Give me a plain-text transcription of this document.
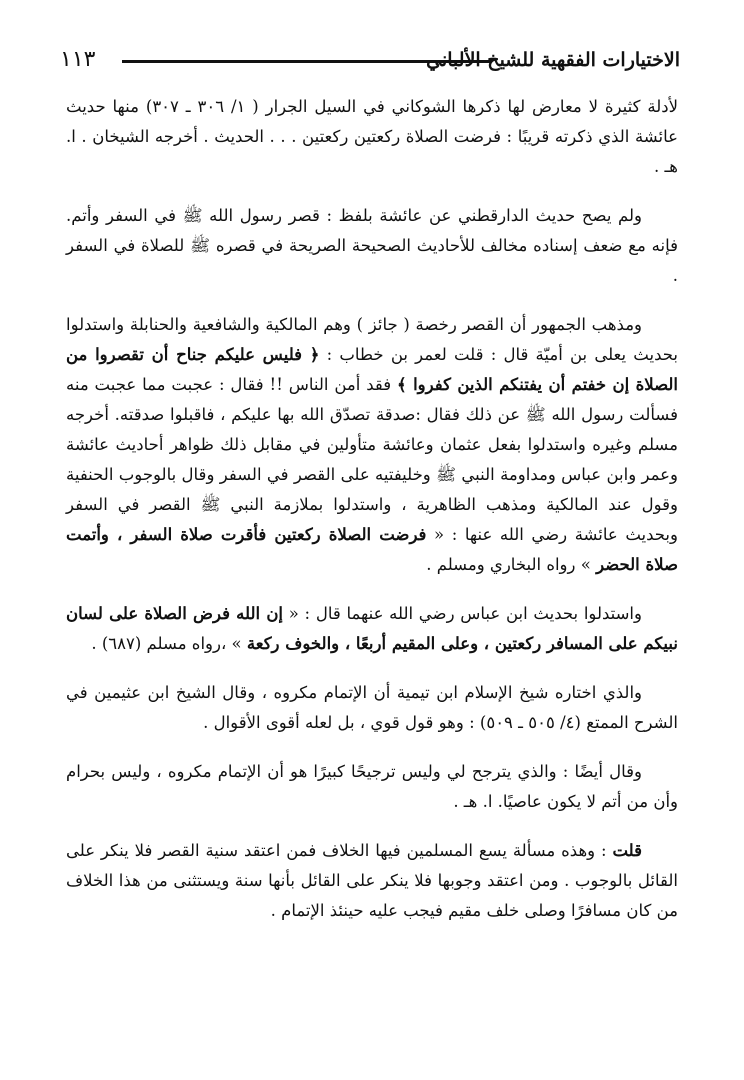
١١٣	الاختيارات الفقهية للشيخ الألباني

لأدلة كثيرة لا معارض لها ذكرها الشوكاني في السيل الجرار ( ١/ ٣٠٦ ـ ٣٠٧) منها حديث عائشة الذي ذكرته قريبًا : فرضت الصلاة ركعتين ركعتين . . . الحديث . أخرجه الشيخان . ا. هـ .

ولم يصح حديث الدارقطني عن عائشة بلفظ : قصر رسول الله ﷺ في السفر وأتم. فإنه مع ضعف إسناده مخالف للأحاديث الصحيحة الصريحة في قصره ﷺ للصلاة في السفر .

ومذهب الجمهور أن القصر رخصة ( جائز ) وهم المالكية والشافعية والحنابلة واستدلوا بحديث يعلى بن أميّة قال : قلت لعمر بن خطاب : ﴿ فليس عليكم جناح أن تقصروا من الصلاة إن خفتم أن يفتنكم الذين كفروا ﴾ فقد أمن الناس !! فقال : عجبت مما عجبت منه فسألت رسول الله ﷺ عن ذلك فقال :صدقة تصدّق الله بها عليكم ، فاقبلوا صدقته. أخرجه مسلم وغيره واستدلوا بفعل عثمان وعائشة متأولين في مقابل ذلك ظواهر أحاديث عائشة وعمر وابن عباس ومداومة النبي ﷺ وخليفتيه على القصر في السفر وقال بالوجوب الحنفية وقول عند المالكية ومذهب الظاهرية ، واستدلوا بملازمة النبي ﷺ القصر في السفر وبحديث عائشة رضي الله عنها : « فرضت الصلاة ركعتين فأقرت صلاة السفر ، وأتمت صلاة الحضر » رواه البخاري ومسلم .

واستدلوا بحديث ابن عباس رضي الله عنهما قال : « إن الله فرض الصلاة على لسان نبيكم على المسافر ركعتين ، وعلى المقيم أربعًا ، والخوف ركعة » ،رواه مسلم (٦٨٧) .

والذي اختاره شيخ الإسلام ابن تيمية أن الإتمام مكروه ، وقال الشيخ ابن عثيمين في الشرح الممتع (٤/ ٥٠٥ ـ ٥٠٩) : وهو قول قوي ، بل لعله أقوى الأقوال .

وقال أيضًا : والذي يترجح لي وليس ترجيحًا كبيرًا هو أن الإتمام مكروه ، وليس بحرام وأن من أتم لا يكون عاصيًا. ا. هـ .

قلت : وهذه مسألة يسع المسلمين فيها الخلاف فمن اعتقد سنية القصر فلا ينكر على القائل بالوجوب . ومن اعتقد وجوبها فلا ينكر على القائل بأنها سنة ويستثنى من هذا الخلاف من كان مسافرًا وصلى خلف مقيم فيجب عليه حينئذ الإتمام .
